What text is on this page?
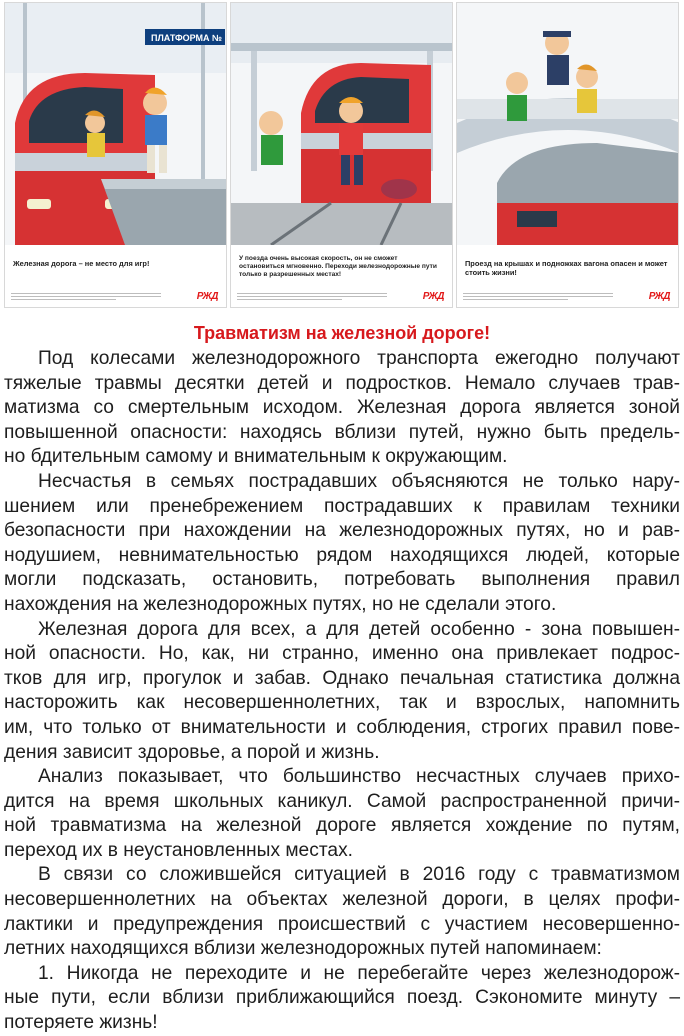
ПЛАТФОРМА №
Железная дорога – не место для игр!
РЖД
У поезда очень высокая скорость, он не сможет остановиться мгновенно. Переходи железнодорожные пути только в разрешенных местах!
РЖД
Проезд на крышах и подножках вагона опасен и может стоить жизни!
РЖД
Травматизм на железной дороге!
Под колесами железнодорожного транспорта ежегодно получают
тяжелые травмы десятки детей и подростков. Немало случаев трав-
матизма со смертельным исходом. Железная дорога является зоной
повышенной опасности: находясь вблизи путей, нужно быть предель-
но бдительным самому и внимательным к окружающим.
Несчастья в семьях пострадавших объясняются не только нару-
шением или пренебрежением пострадавших к правилам техники
безопасности при нахождении на железнодорожных путях, но и рав-
нодушием, невнимательностью рядом находящихся людей, которые
могли подсказать, остановить, потребовать выполнения правил
нахождения на железнодорожных путях, но не сделали этого.
Железная дорога для всех, а для детей особенно - зона повышен-
ной опасности. Но, как, ни странно, именно она привлекает подрос-
тков для игр, прогулок и забав. Однако печальная статистика должна
насторожить как несовершеннолетних, так и взрослых, напомнить
им, что только от внимательности и соблюдения, строгих правил пове-
дения зависит здоровье, а порой и жизнь.
Анализ показывает, что большинство несчастных случаев прихо-
дится на время школьных каникул. Самой распространенной причи-
ной травматизма на железной дороге является хождение по путям,
переход их в неустановленных местах.
В связи со сложившейся ситуацией в 2016 году с травматизмом
несовершеннолетних на объектах железной дороги, в целях профи-
лактики и предупреждения происшествий с участием несовершенно-
летних находящихся вблизи железнодорожных путей напоминаем:
1. Никогда не переходите и не перебегайте через железнодорож-
ные пути, если вблизи приближающийся поезд. Сэкономите минуту –
потеряете жизнь!
